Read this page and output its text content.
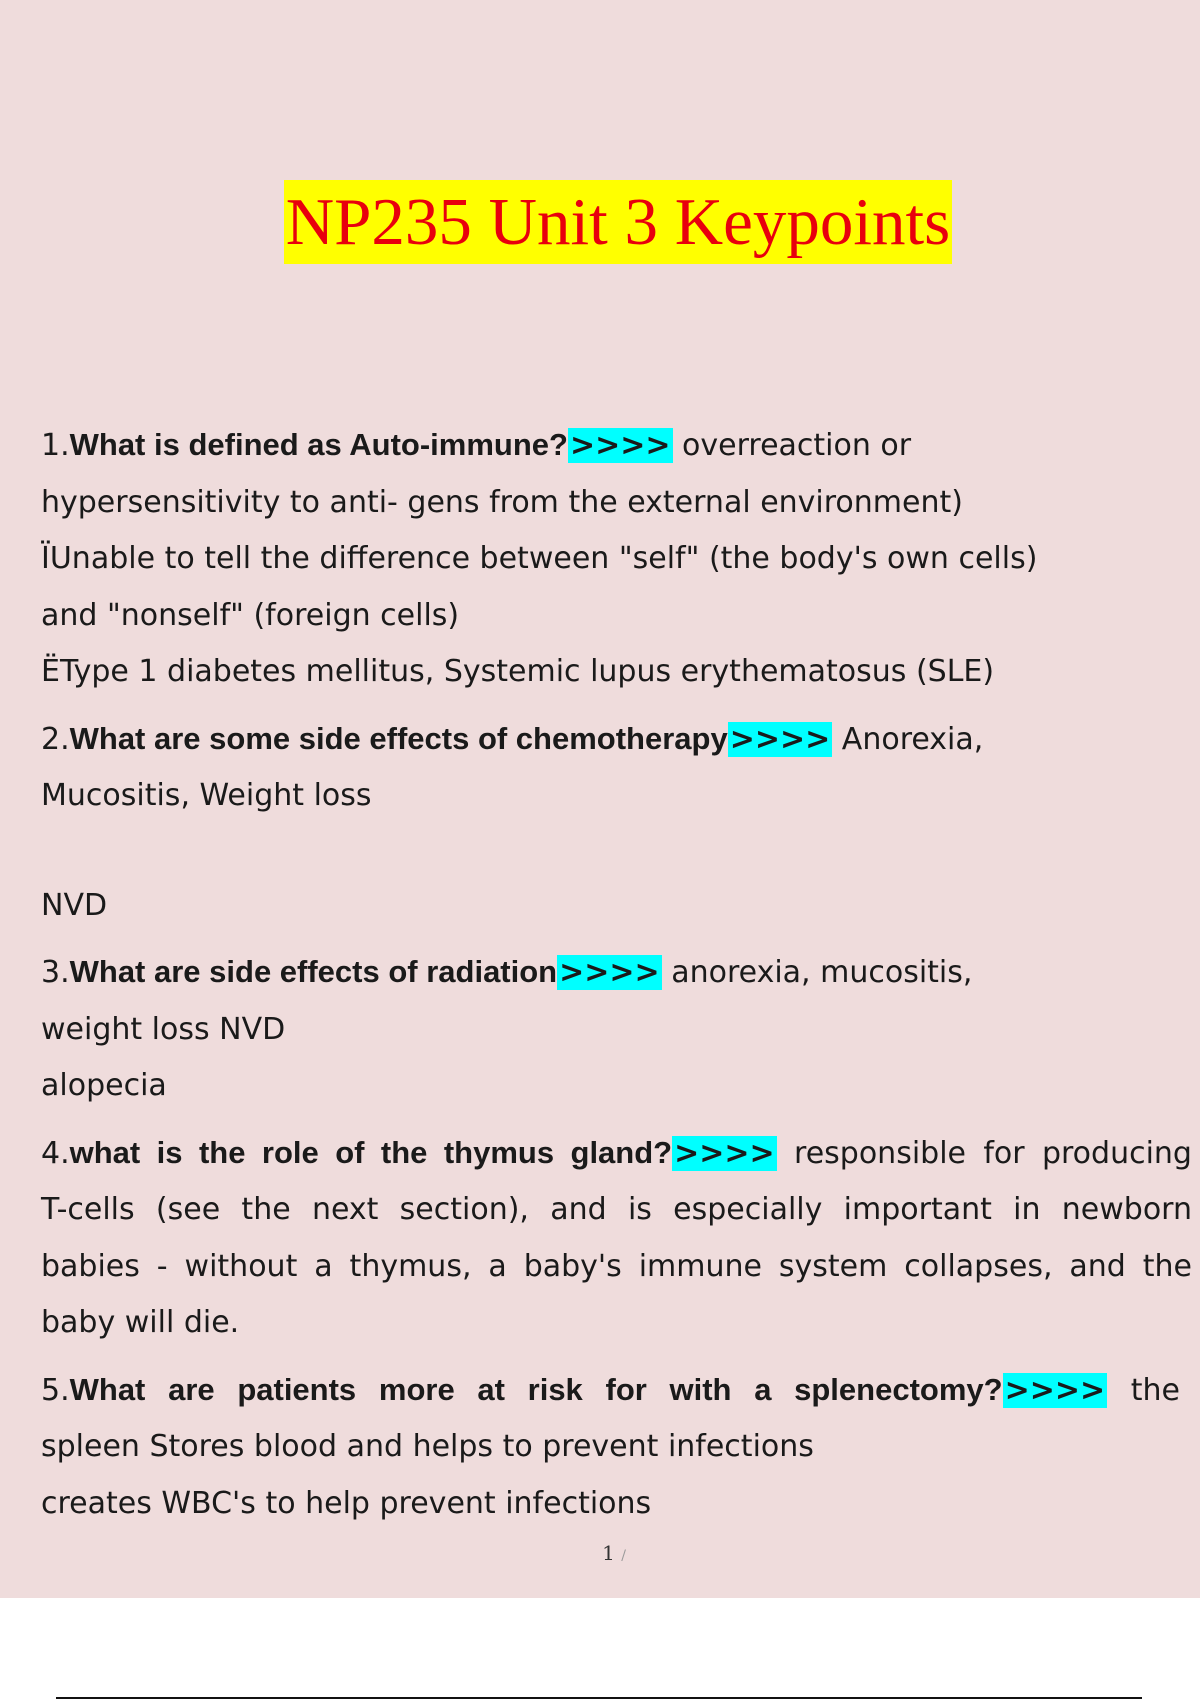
NP235 Unit 3 Keypoints
1.What is defined as Auto-immune?>>>> overreaction or
hypersensitivity to anti- gens from the external environment)
ÏUnable to tell the difference between "self" (the body's own cells)
and "nonself" (foreign cells)
ËType 1 diabetes mellitus, Systemic lupus erythematosus (SLE)
2.What are some side effects of chemotherapy>>>> Anorexia,
Mucositis, Weight loss
NVD
3.What are side effects of radiation>>>> anorexia, mucositis,
weight loss NVD
alopecia
4.what is the role of the thymus gland?>>>> responsible for producing
T-cells (see the next section), and is especially important in newborn
babies - without a thymus, a baby's immune system collapses, and the
baby will die.
5.What are patients more at risk for with a splenectomy?>>>> the
spleen Stores blood and helps to prevent infections
creates WBC's to help prevent infections
1 /
